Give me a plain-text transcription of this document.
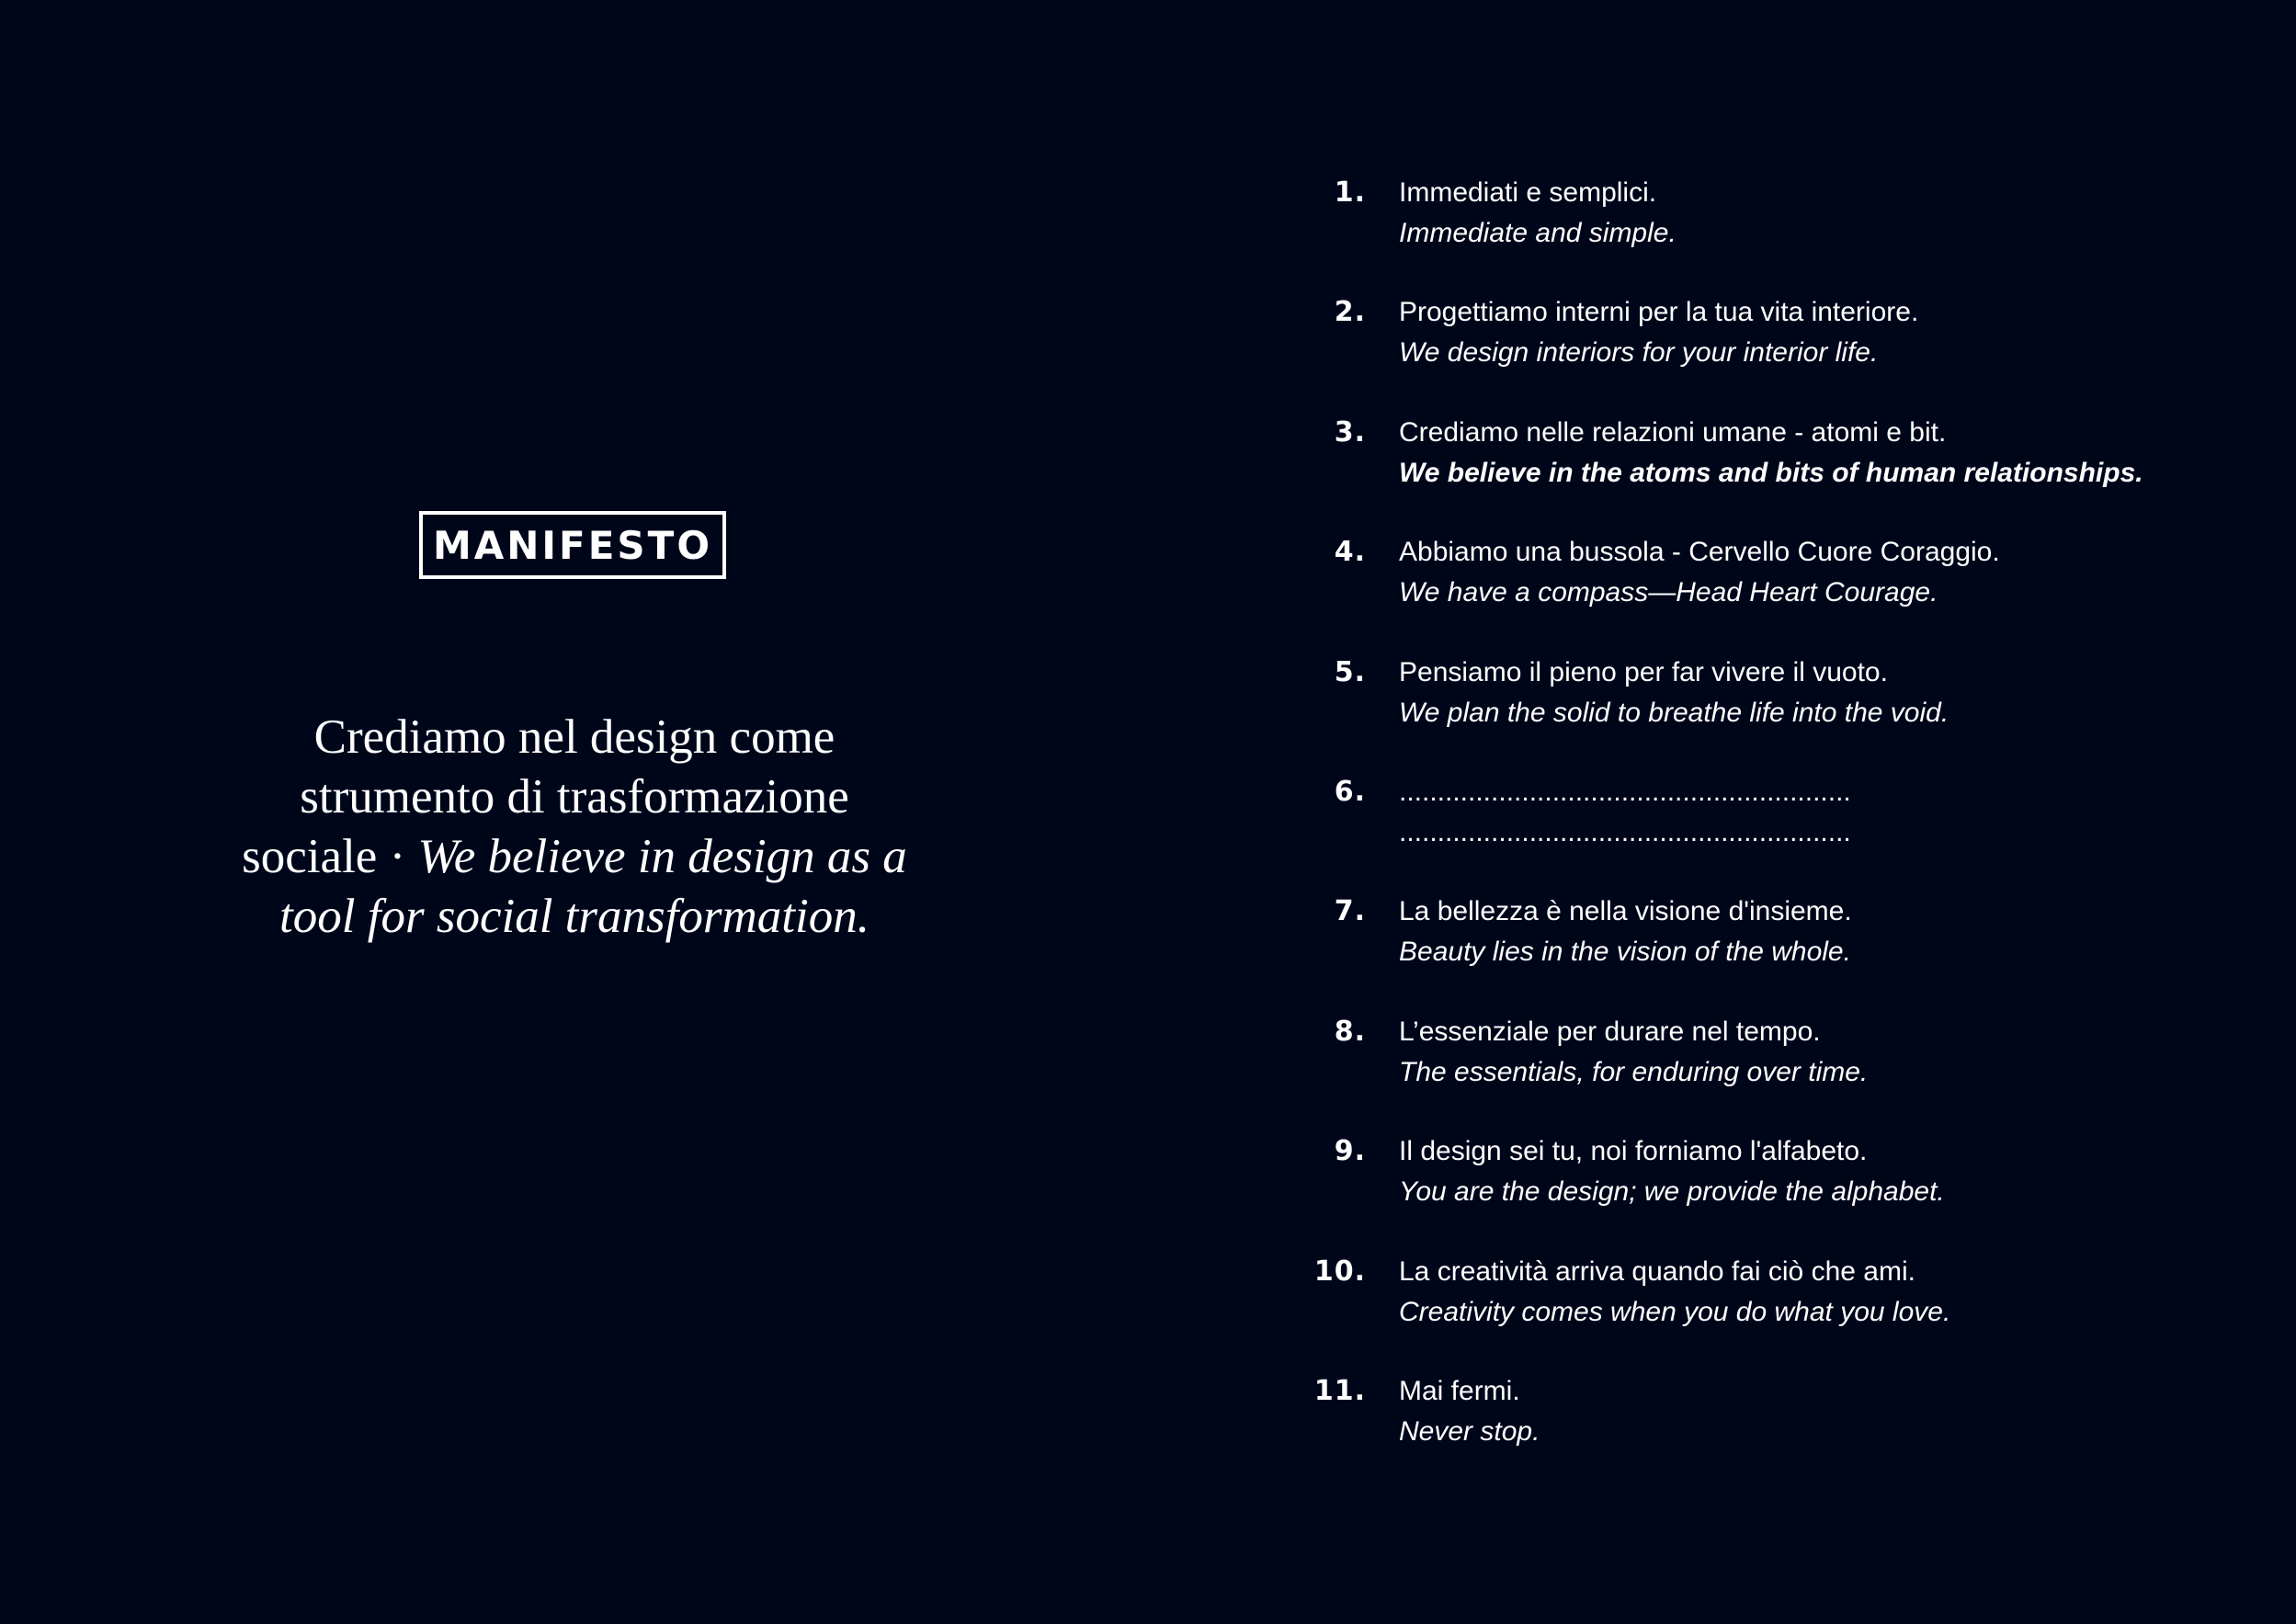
MANIFESTO
Crediamo nel design come strumento di trasformazione sociale · We believe in design as a tool for social transformation.
1.	Immediati e semplici.
Immediate and simple.
2.	Progettiamo interni per la tua vita interiore.
We design interiors for your interior life.
3.	Crediamo nelle relazioni umane - atomi e bit.
We believe in the atoms and bits of human relationships.
4.	Abbiamo una bussola - Cervello Cuore Coraggio.
We have a compass—Head Heart Courage.
5.	Pensiamo il pieno per far vivere il vuoto.
We plan the solid to breathe life into the void.
6.	...........................................................
...........................................................
7.	La bellezza è nella visione d'insieme.
Beauty lies in the vision of the whole.
8.	L’essenziale per durare nel tempo.
The essentials, for enduring over time.
9.	Il design sei tu, noi forniamo l'alfabeto.
You are the design; we provide the alphabet.
10.	La creatività arriva quando fai ciò che ami.
Creativity comes when you do what you love.
11.	Mai fermi.
Never stop.
